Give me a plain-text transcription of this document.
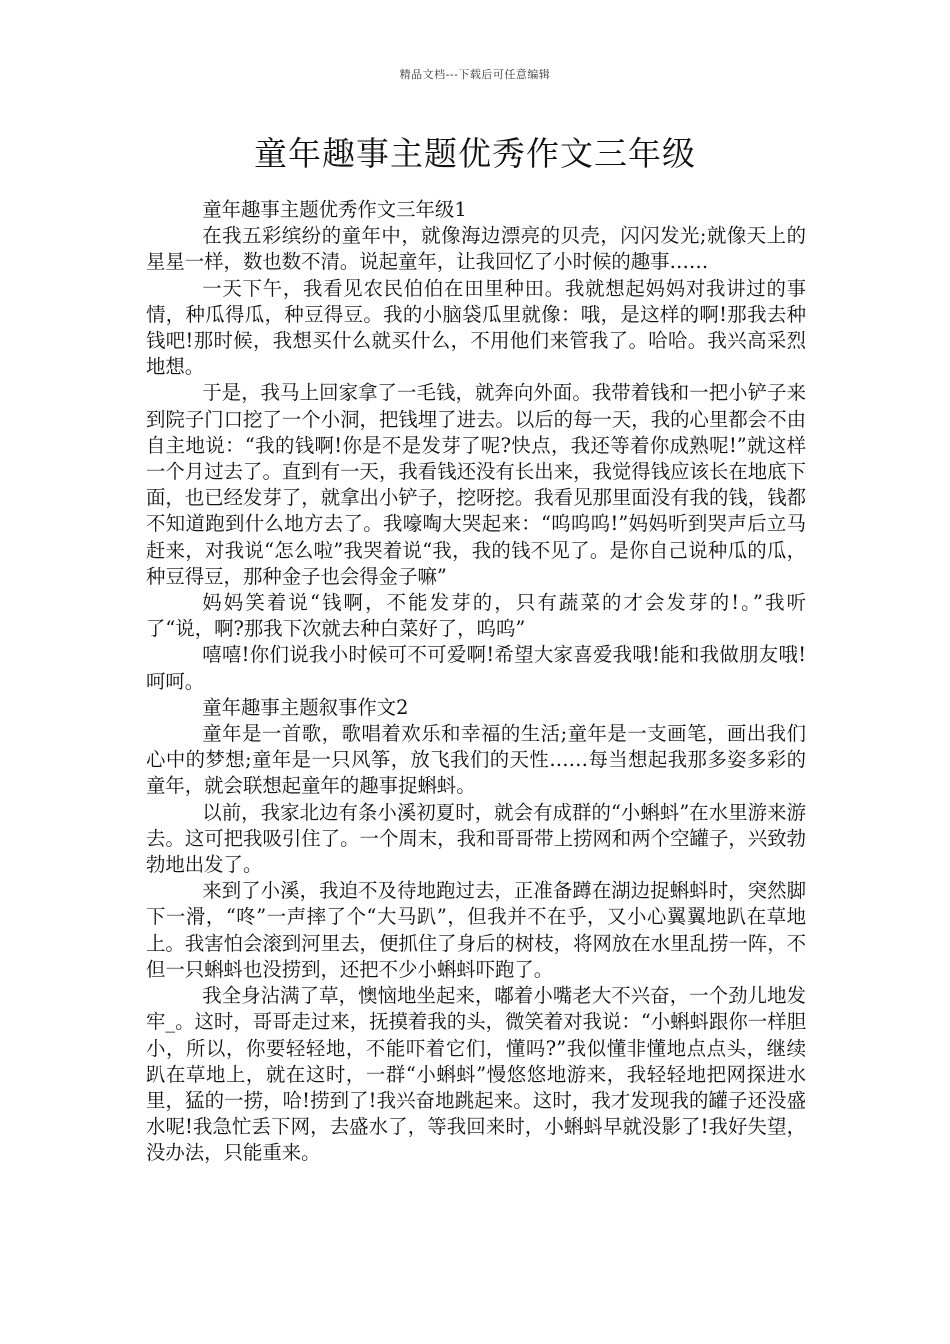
精品文档---下载后可任意编辑
童年趣事主题优秀作文三年级

童年趣事主题优秀作文三年级1

在我五彩缤纷的童年中，就像海边漂亮的贝壳，闪闪发光;就像天上的星星一样，数也数不清。说起童年，让我回忆了小时候的趣事……

一天下午，我看见农民伯伯在田里种田。我就想起妈妈对我讲过的事情，种瓜得瓜，种豆得豆。我的小脑袋瓜里就像：哦，是这样的啊!那我去种钱吧!那时候，我想买什么就买什么，不用他们来管我了。哈哈。我兴高采烈地想。

于是，我马上回家拿了一毛钱，就奔向外面。我带着钱和一把小铲子来到院子门口挖了一个小洞，把钱埋了进去。以后的每一天，我的心里都会不由自主地说：“我的钱啊!你是不是发芽了呢?快点，我还等着你成熟呢!”就这样一个月过去了。直到有一天，我看钱还没有长出来，我觉得钱应该长在地底下面，也已经发芽了，就拿出小铲子，挖呀挖。我看见那里面没有我的钱，钱都不知道跑到什么地方去了。我嚎啕大哭起来：“呜呜呜!”妈妈听到哭声后立马赶来，对我说“怎么啦”我哭着说“我，我的钱不见了。是你自己说种瓜的瓜，种豆得豆，那种金子也会得金子嘛”

妈妈笑着说“钱啊，不能发芽的，只有蔬菜的才会发芽的!。”我听了“说，啊?那我下次就去种白菜好了，呜呜”

嘻嘻!你们说我小时候可不可爱啊!希望大家喜爱我哦!能和我做朋友哦!呵呵。

童年趣事主题叙事作文2

童年是一首歌，歌唱着欢乐和幸福的生活;童年是一支画笔，画出我们心中的梦想;童年是一只风筝，放飞我们的天性……每当想起我那多姿多彩的童年，就会联想起童年的趣事捉蝌蚪。

以前，我家北边有条小溪初夏时，就会有成群的“小蝌蚪”在水里游来游去。这可把我吸引住了。一个周末，我和哥哥带上捞网和两个空罐子，兴致勃勃地出发了。

来到了小溪，我迫不及待地跑过去，正准备蹲在湖边捉蝌蚪时，突然脚下一滑，“咚”一声摔了个“大马趴”，但我并不在乎，又小心翼翼地趴在草地上。我害怕会滚到河里去，便抓住了身后的树枝，将网放在水里乱捞一阵，不但一只蝌蚪也没捞到，还把不少小蝌蚪吓跑了。

我全身沾满了草，懊恼地坐起来，嘟着小嘴老大不兴奋，一个劲儿地发牢_。这时，哥哥走过来，抚摸着我的头，微笑着对我说：“小蝌蚪跟你一样胆小，所以，你要轻轻地，不能吓着它们，懂吗?”我似懂非懂地点点头，继续趴在草地上，就在这时，一群“小蝌蚪”慢悠悠地游来，我轻轻地把网探进水里，猛的一捞，哈!捞到了!我兴奋地跳起来。这时，我才发现我的罐子还没盛水呢!我急忙丢下网，去盛水了，等我回来时，小蝌蚪早就没影了!我好失望，没办法，只能重来。
